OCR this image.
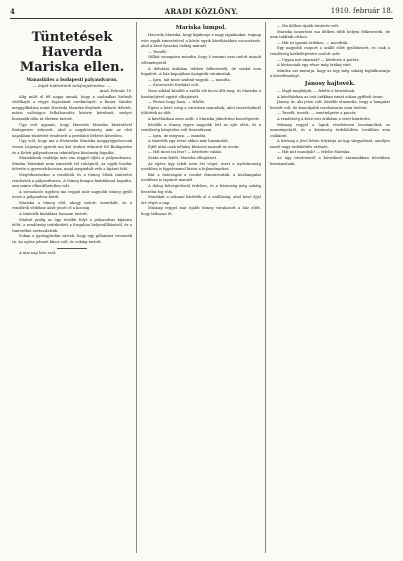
4	ARADI KÖZLÖNY.	1910. február 18.
Tüntetések Haverda Mariska ellen.
Manasikiles a budapesti palyaudvaron.
— Saját tudósítónk telefonjelentése. —
Arad, február 18.

Alig múlt el fél napja annak, hogy a szabadkai hírhedt védőhajtó a vőgye fogásának eredményét: a Bauer Sándor meggyilkolása miatt Haverda Mariska férjének várható ítéletét, máris valóságos felháborodás kísérte kérelmét, melyet hosszabb időn át életben tartott.

Úgy volt ugyanis, hogy Haverda Mariska kíséretével Budapestre érkezett, ahol a nagyközönség már az első napokban tüntetést rendezett a perdöntő ítéletet követően.

Úgy volt, hogy ma a fővárosba Mariska meggyógyulva-nak vissza Legenyei gyerek ma két órakor érkezett fel Budapestre és a Keleti pályaudvaron tekintélyes közönség fogadta.

Mariskának családja már ma reggel eljött a pályaudvarra. Miután Mariskát nem ismerték fel ruhájáról, az egyik hordár felvette a gyermek-kocsira, majd megindult vele a kijárat felé.

Megérkezésekor a rendőrök és a tömeg élénk tüntetést rendeztek a pályaudvaron. A tömeg hangos kiabálással fogadta, ami szinte elkerülhetetlen volt.

A szenzációs ügyben ma reggel már nagyobb tömeg gyűlt össze a pályaudvar körül.

Mariska a tömeg elől, ahogy tudott, menekült, és a rendőrök védelme alatt jutott el a kocsiig.

A tüntetők kiabálása hosszan tartott.

Mialatt pedig az ügy tovább folyt a pályaudvar kijárata előtt, a rendőrség intézkedett a forgalom helyreállításáról, és a tüntetőket szétoszlatták.

Sokan a gyalogjárdán vártak, hogy egy pillantást vessenek rá. Az egész jelenet kínos volt, és sokáig tartott.

A mai nap híre szól:

Mariska lumpol.

Haverda Mariska, hogy kipihenje a nagy izgalmakat, tegnap este egyik ismerősével a körút egyik kávéházában vacsorázott, ahol a késő éjszakai órákig maradt.

— Tessék!

Vállait vonogatva mondta, hogy ő semmit sem tudott mások véleményéről.

A délutáni órákban többen felkeresték, de senkit sem fogadott. A ház kapujában újságírók várakoztak.

— Igen, hát most szabad vagyok, — mondta.

— Szerencsés fordulat volt.

Nem sokkal később a szálló elé kocsi állt meg, és Mariska a barátnőjével együtt elhajtatott.

— Persze hogy haza, — felelte.

Egész a késő estig a városban maradtak, ahol ismerősöknél töltötték az időt.

A kávéházban zene szólt, s Mariska jókedvűen beszélgetett.

Később a tömeg egyre nagyobb lett az ajtó előtt, és a rendőrség kénytelen volt beavatkozni.

— Igen, de megvan. — mondta.

A tüntetők egy része ekkor már hazaindult.

Éjfél után csak néhány kíváncsi maradt az utcán.

— Hát most mi lesz? — kérdezte valaki.

Senki sem felelt. Mariska elhajtatott.

Az egész ügy tehát nem ért véget, mert a nyilvánosság továbbra is figyelemmel kíséri a fejleményeket.

Bár a hatóságok a rendet fenntartották, a közhangulat továbbra is izgatott maradt.

A dolog kétségtelenül érdekes, és a közönség még sokáig beszélni fog róla.

Mariskát a rokonai kísérték el a szállásáig, ahol késő éjjel ért véget a nap.

Másnap reggel már újabb tömeg várakozott a ház előtt, hogy láthassa őt.

— Ma délben újabb tüntetés volt.

Mariska ismerősei ma délben több helyen felkeresték, de nem találták otthon.

— Hát ez igazán érdekes, — mondták.

Egy nagyobb csoport a szálló előtt gyülekezett, és csak a rendőrség közbelépésére oszlott szét.

— Ugyan mit akarnak? — kérdezte a portás.

A kíváncsiak egy része még órákig várt.

Mindez azt mutatja, hogy az ügy még sokáig foglalkoztatja a közvéleményt.

Jánosy hajtovék.

— Majd meglátjuk, — felelte a hivatalnok.

A kávéházban az esti órákban ismét sokan gyűltek össze.

Jánosy úr, aki jelen volt, később elmondta, hogy a hangulat feszült volt, de komolyabb rendzavarás nem történt.

— Tessék, tessék, — ismételgette a pincér.

A rendőrség a késő esti órákban a teret kiürítette.

Másnap reggel a lapok részletesen beszámoltak az eseményekről, és a közönség érdeklődése továbbra sem csökkent.

A bíróság a jövő héten folytatja az ügy tárgyalását, amelyre ismét nagy érdeklődés várható.

— Hát mit mondjak? — felelte Mariska.

Az ügy részleteiről a következő számunkban bővebben beszámolunk.
